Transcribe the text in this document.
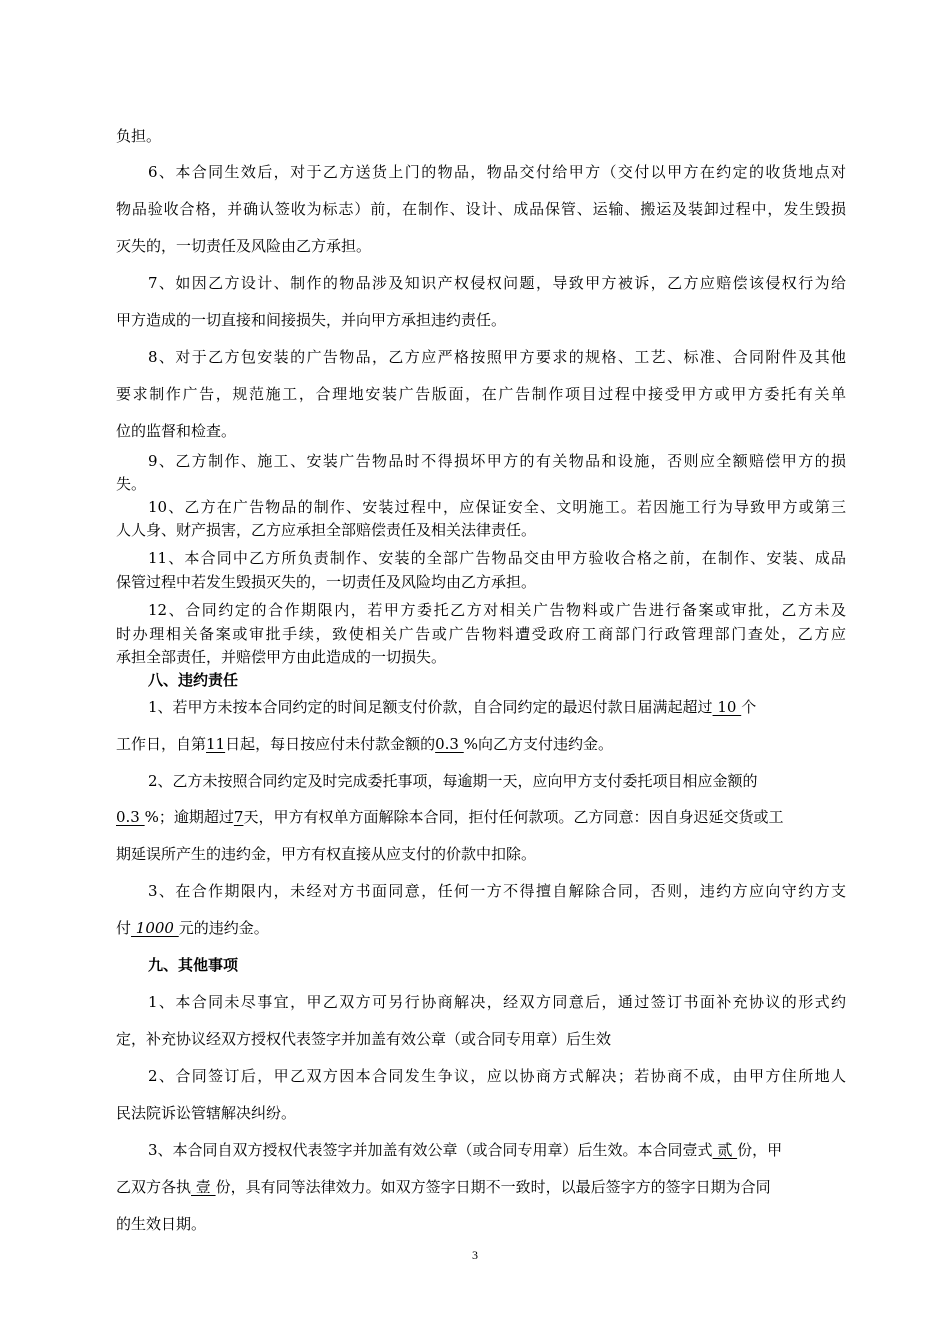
负担。
6、本合同生效后，对于乙方送货上门的物品，物品交付给甲方（交付以甲方在约定的收货地点对
物品验收合格，并确认签收为标志）前，在制作、设计、成品保管、运输、搬运及装卸过程中，发生毁损
灭失的，一切责任及风险由乙方承担。
7、如因乙方设计、制作的物品涉及知识产权侵权问题，导致甲方被诉，乙方应赔偿该侵权行为给
甲方造成的一切直接和间接损失，并向甲方承担违约责任。
8、对于乙方包安装的广告物品，乙方应严格按照甲方要求的规格、工艺、标准、合同附件及其他
要求制作广告，规范施工，合理地安装广告版面，在广告制作项目过程中接受甲方或甲方委托有关单
位的监督和检查。
9、乙方制作、施工、安装广告物品时不得损坏甲方的有关物品和设施，否则应全额赔偿甲方的损
失。
10、乙方在广告物品的制作、安装过程中，应保证安全、文明施工。若因施工行为导致甲方或第三
人人身、财产损害，乙方应承担全部赔偿责任及相关法律责任。
11、本合同中乙方所负责制作、安装的全部广告物品交由甲方验收合格之前，在制作、安装、成品
保管过程中若发生毁损灭失的，一切责任及风险均由乙方承担。
12、合同约定的合作期限内，若甲方委托乙方对相关广告物料或广告进行备案或审批，乙方未及
时办理相关备案或审批手续，致使相关广告或广告物料遭受政府工商部门行政管理部门查处，乙方应
承担全部责任，并赔偿甲方由此造成的一切损失。
八、违约责任
1、若甲方未按本合同约定的时间足额支付价款，自合同约定的最迟付款日届满起超过 10 个
工作日，自第11日起，每日按应付未付款金额的0.3 %向乙方支付违约金。
2、乙方未按照合同约定及时完成委托事项，每逾期一天，应向甲方支付委托项目相应金额的
0.3 %；逾期超过7天，甲方有权单方面解除本合同，拒付任何款项。乙方同意：因自身迟延交货或工
期延误所产生的违约金，甲方有权直接从应支付的价款中扣除。
3、在合作期限内，未经对方书面同意，任何一方不得擅自解除合同，否则，违约方应向守约方支
付 1000 元的违约金。
九、其他事项
1、本合同未尽事宜，甲乙双方可另行协商解决，经双方同意后，通过签订书面补充协议的形式约
定，补充协议经双方授权代表签字并加盖有效公章（或合同专用章）后生效
2、合同签订后，甲乙双方因本合同发生争议，应以协商方式解决；若协商不成，由甲方住所地人
民法院诉讼管辖解决纠纷。
3、本合同自双方授权代表签字并加盖有效公章（或合同专用章）后生效。本合同壹式 贰 份，甲
乙双方各执 壹 份，具有同等法律效力。如双方签字日期不一致时，以最后签字方的签字日期为合同
的生效日期。
3
